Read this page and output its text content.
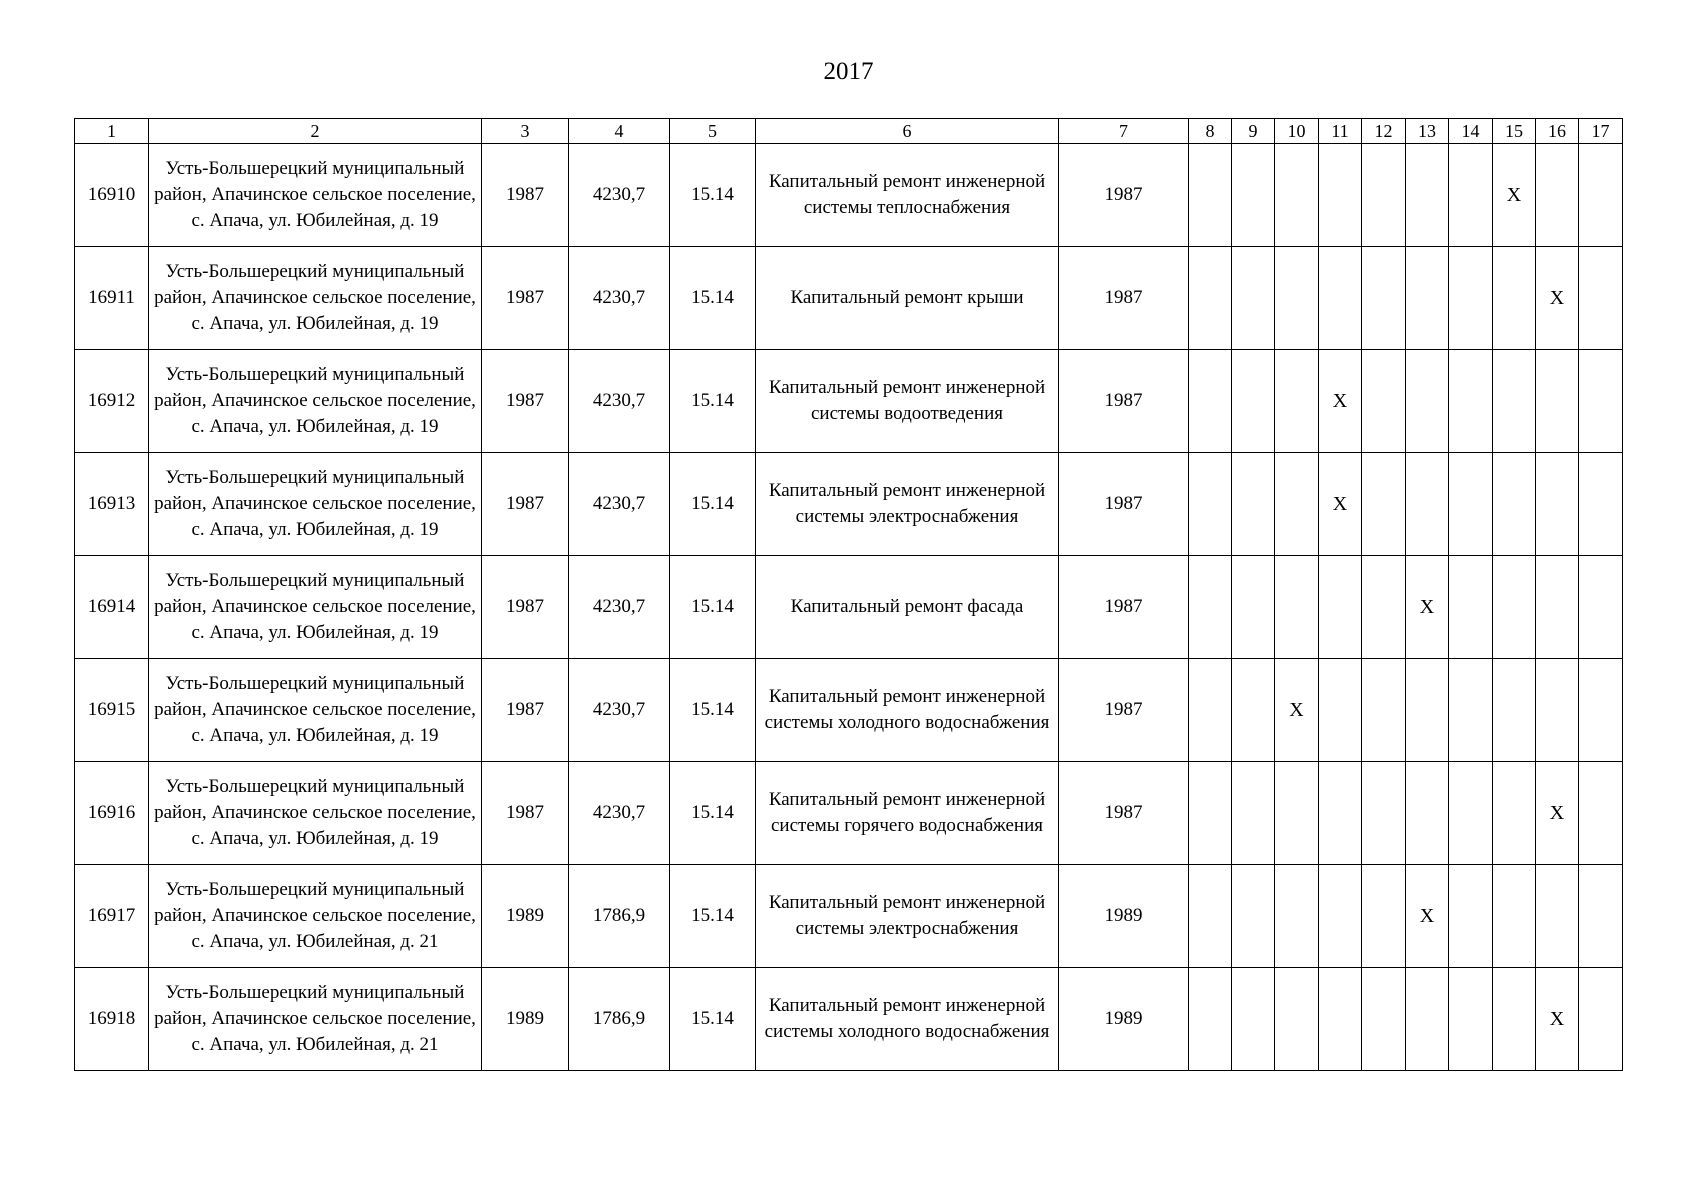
2017
1	2	3	4	5	6	7	8	9	10	11	12	13	14	15	16	17
16910	Усть-Большерецкий муниципальный район, Апачинское сельское поселение, с. Апача, ул. Юбилейная, д. 19	1987	4230,7	15.14	Капитальный ремонт инженерной системы теплоснабжения	1987								X		
16911	Усть-Большерецкий муниципальный район, Апачинское сельское поселение, с. Апача, ул. Юбилейная, д. 19	1987	4230,7	15.14	Капитальный ремонт крыши	1987									X	
16912	Усть-Большерецкий муниципальный район, Апачинское сельское поселение, с. Апача, ул. Юбилейная, д. 19	1987	4230,7	15.14	Капитальный ремонт инженерной системы водоотведения	1987				X						
16913	Усть-Большерецкий муниципальный район, Апачинское сельское поселение, с. Апача, ул. Юбилейная, д. 19	1987	4230,7	15.14	Капитальный ремонт инженерной системы электроснабжения	1987				X						
16914	Усть-Большерецкий муниципальный район, Апачинское сельское поселение, с. Апача, ул. Юбилейная, д. 19	1987	4230,7	15.14	Капитальный ремонт фасада	1987						X				
16915	Усть-Большерецкий муниципальный район, Апачинское сельское поселение, с. Апача, ул. Юбилейная, д. 19	1987	4230,7	15.14	Капитальный ремонт инженерной системы холодного водоснабжения	1987			X							
16916	Усть-Большерецкий муниципальный район, Апачинское сельское поселение, с. Апача, ул. Юбилейная, д. 19	1987	4230,7	15.14	Капитальный ремонт инженерной системы горячего водоснабжения	1987									X	
16917	Усть-Большерецкий муниципальный район, Апачинское сельское поселение, с. Апача, ул. Юбилейная, д. 21	1989	1786,9	15.14	Капитальный ремонт инженерной системы электроснабжения	1989						X				
16918	Усть-Большерецкий муниципальный район, Апачинское сельское поселение, с. Апача, ул. Юбилейная, д. 21	1989	1786,9	15.14	Капитальный ремонт инженерной системы холодного водоснабжения	1989									X	
